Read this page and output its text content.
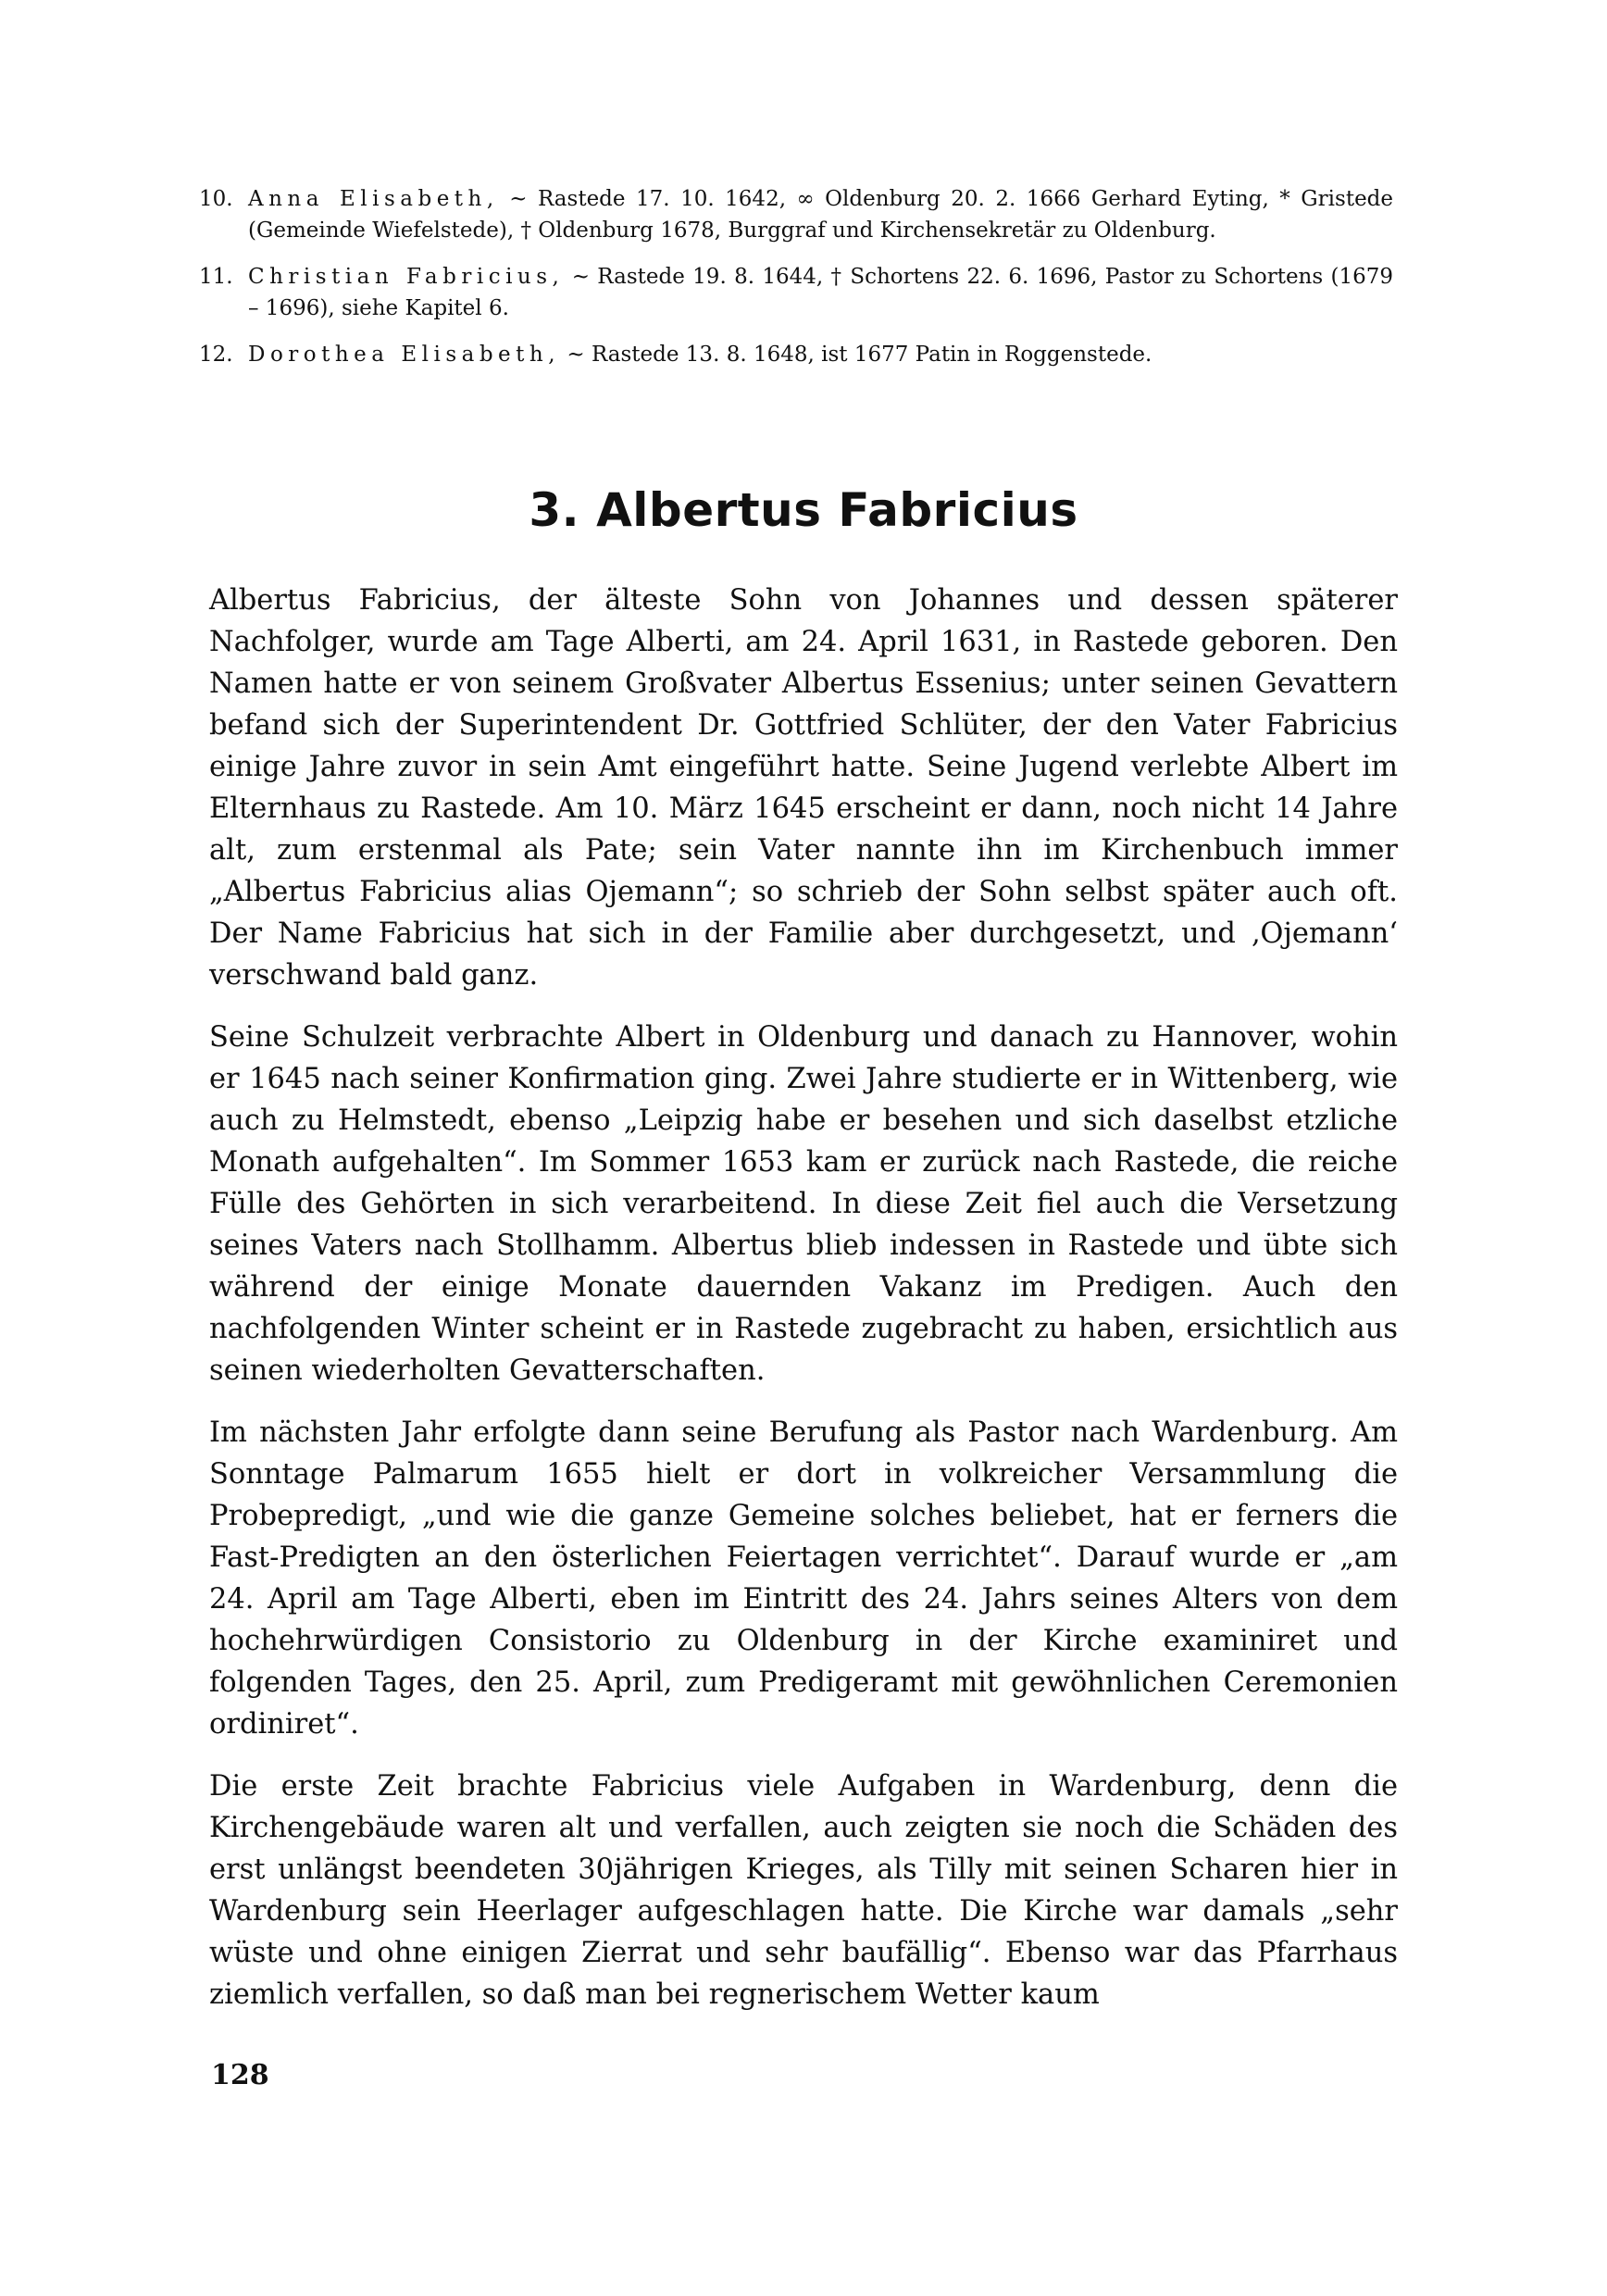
10. Anna Elisabeth, ~ Rastede 17. 10. 1642, ∞ Oldenburg 20. 2. 1666 Gerhard Eyting, * Gristede (Gemeinde Wiefelstede), † Oldenburg 1678, Burggraf und Kirchensekretär zu Oldenburg.
11. Christian Fabricius, ~ Rastede 19. 8. 1644, † Schortens 22. 6. 1696, Pastor zu Schortens (1679 – 1696), siehe Kapitel 6.
12. Dorothea Elisabeth, ~ Rastede 13. 8. 1648, ist 1677 Patin in Roggenstede.
3. Albertus Fabricius

Albertus Fabricius, der älteste Sohn von Johannes und dessen späterer Nachfolger, wurde am Tage Alberti, am 24. April 1631, in Rastede geboren. Den Namen hatte er von seinem Großvater Albertus Essenius; unter seinen Gevattern befand sich der Superintendent Dr. Gottfried Schlüter, der den Vater Fabricius einige Jahre zuvor in sein Amt eingeführt hatte. Seine Jugend verlebte Albert im Elternhaus zu Rastede. Am 10. März 1645 erscheint er dann, noch nicht 14 Jahre alt, zum erstenmal als Pate; sein Vater nannte ihn im Kirchenbuch immer „Albertus Fabricius alias Ojemann“; so schrieb der Sohn selbst später auch oft. Der Name Fabricius hat sich in der Familie aber durchgesetzt, und ‚Ojemann‘ verschwand bald ganz.

Seine Schulzeit verbrachte Albert in Oldenburg und danach zu Hannover, wohin er 1645 nach seiner Konfirmation ging. Zwei Jahre studierte er in Wittenberg, wie auch zu Helmstedt, ebenso „Leipzig habe er besehen und sich daselbst etzliche Monath aufgehalten“. Im Sommer 1653 kam er zurück nach Rastede, die reiche Fülle des Gehörten in sich verarbeitend. In diese Zeit fiel auch die Versetzung seines Vaters nach Stollhamm. Albertus blieb indessen in Rastede und übte sich während der einige Monate dauernden Vakanz im Predigen. Auch den nachfolgenden Winter scheint er in Rastede zugebracht zu haben, ersichtlich aus seinen wiederholten Gevatterschaften.

Im nächsten Jahr erfolgte dann seine Berufung als Pastor nach Wardenburg. Am Sonntage Palmarum 1655 hielt er dort in volkreicher Versammlung die Probepredigt, „und wie die ganze Gemeine solches beliebet, hat er ferners die Fast-Predigten an den österlichen Feiertagen verrichtet“. Darauf wurde er „am 24. April am Tage Alberti, eben im Eintritt des 24. Jahrs seines Alters von dem hochehrwürdigen Consistorio zu Oldenburg in der Kirche examiniret und folgenden Tages, den 25. April, zum Predigeramt mit gewöhnlichen Ceremonien ordiniret“.

Die erste Zeit brachte Fabricius viele Aufgaben in Wardenburg, denn die Kirchengebäude waren alt und verfallen, auch zeigten sie noch die Schäden des erst unlängst beendeten 30jährigen Krieges, als Tilly mit seinen Scharen hier in Wardenburg sein Heerlager aufgeschlagen hatte. Die Kirche war damals „sehr wüste und ohne einigen Zierrat und sehr baufällig“. Ebenso war das Pfarrhaus ziemlich verfallen, so daß man bei regnerischem Wetter kaum

128
